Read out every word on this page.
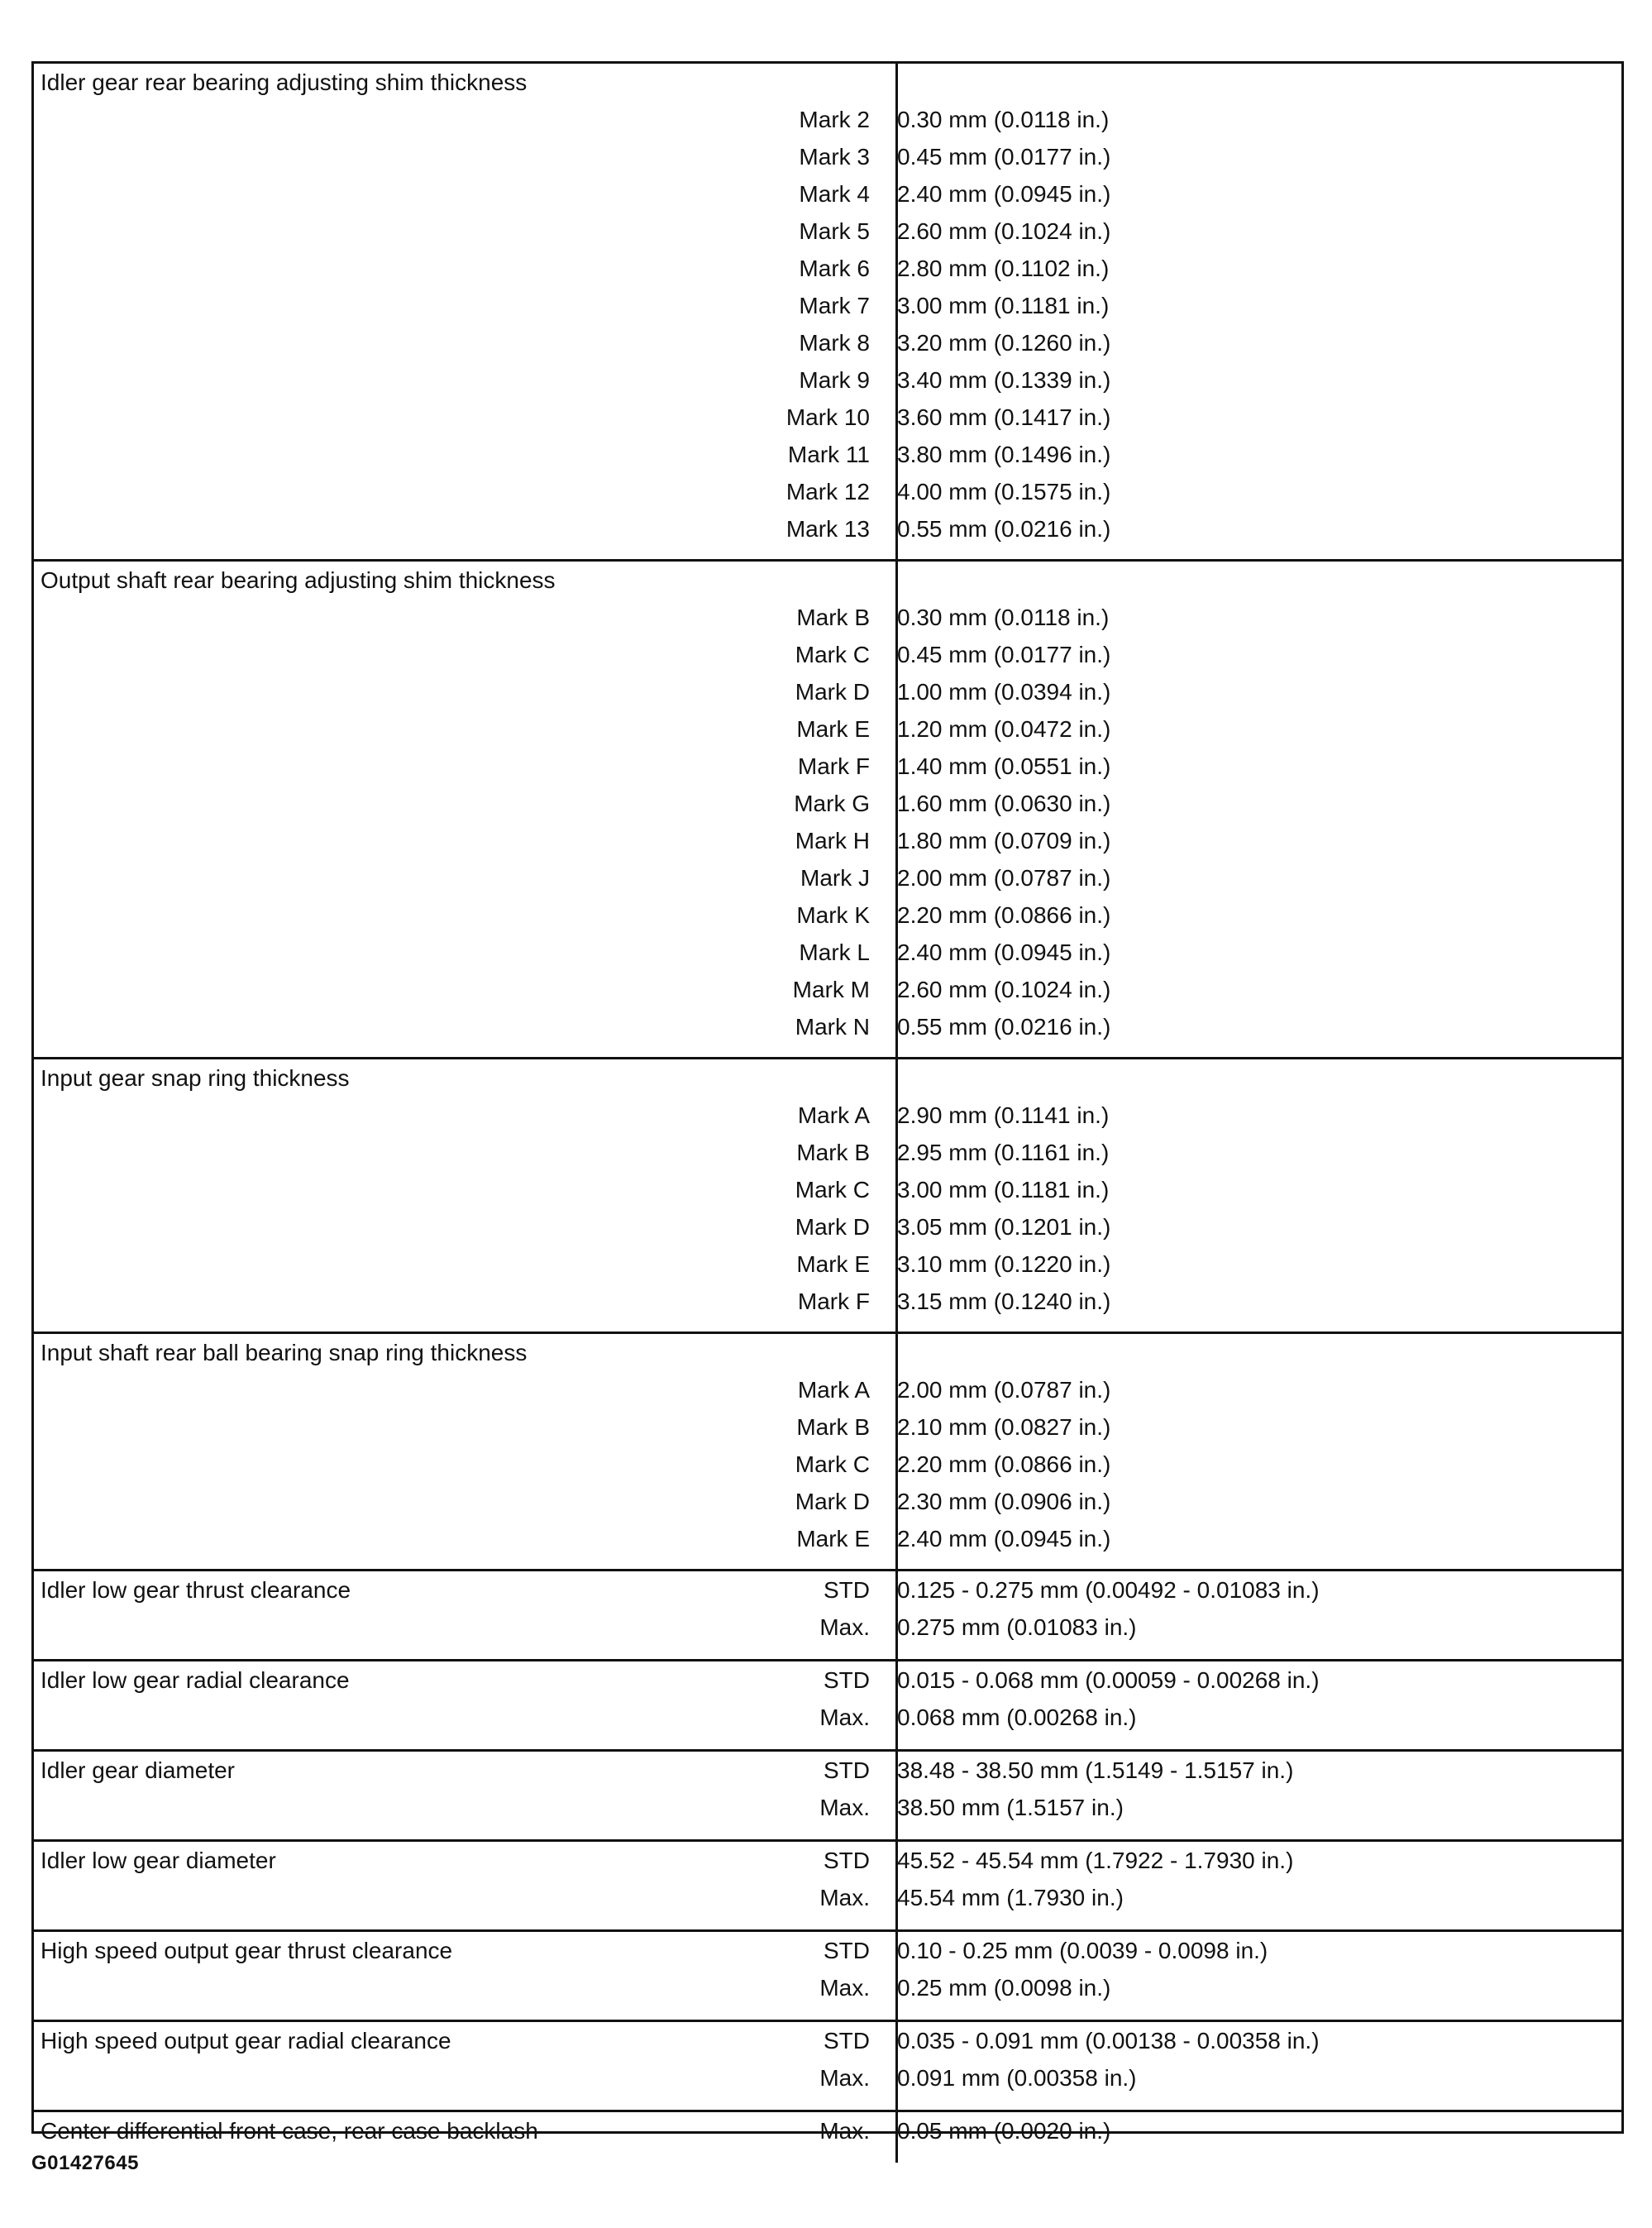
Idler gear rear bearing adjusting shim thickness
Mark 2	0.30 mm (0.0118 in.)
Mark 3	0.45 mm (0.0177 in.)
Mark 4	2.40 mm (0.0945 in.)
Mark 5	2.60 mm (0.1024 in.)
Mark 6	2.80 mm (0.1102 in.)
Mark 7	3.00 mm (0.1181 in.)
Mark 8	3.20 mm (0.1260 in.)
Mark 9	3.40 mm (0.1339 in.)
Mark 10	3.60 mm (0.1417 in.)
Mark 11	3.80 mm (0.1496 in.)
Mark 12	4.00 mm (0.1575 in.)
Mark 13	0.55 mm (0.0216 in.)
Output shaft rear bearing adjusting shim thickness
Mark B	0.30 mm (0.0118 in.)
Mark C	0.45 mm (0.0177 in.)
Mark D	1.00 mm (0.0394 in.)
Mark E	1.20 mm (0.0472 in.)
Mark F	1.40 mm (0.0551 in.)
Mark G	1.60 mm (0.0630 in.)
Mark H	1.80 mm (0.0709 in.)
Mark J	2.00 mm (0.0787 in.)
Mark K	2.20 mm (0.0866 in.)
Mark L	2.40 mm (0.0945 in.)
Mark M	2.60 mm (0.1024 in.)
Mark N	0.55 mm (0.0216 in.)
Input gear snap ring thickness
Mark A	2.90 mm (0.1141 in.)
Mark B	2.95 mm (0.1161 in.)
Mark C	3.00 mm (0.1181 in.)
Mark D	3.05 mm (0.1201 in.)
Mark E	3.10 mm (0.1220 in.)
Mark F	3.15 mm (0.1240 in.)
Input shaft rear ball bearing snap ring thickness
Mark A	2.00 mm (0.0787 in.)
Mark B	2.10 mm (0.0827 in.)
Mark C	2.20 mm (0.0866 in.)
Mark D	2.30 mm (0.0906 in.)
Mark E	2.40 mm (0.0945 in.)
Idler low gear thrust clearance	STD	0.125 - 0.275 mm (0.00492 - 0.01083 in.)
Max.	0.275 mm (0.01083 in.)
Idler low gear radial clearance	STD	0.015 - 0.068 mm (0.00059 - 0.00268 in.)
Max.	0.068 mm (0.00268 in.)
Idler gear diameter	STD	38.48 - 38.50 mm (1.5149 - 1.5157 in.)
Max.	38.50 mm (1.5157 in.)
Idler low gear diameter	STD	45.52 - 45.54 mm (1.7922 - 1.7930 in.)
Max.	45.54 mm (1.7930 in.)
High speed output gear thrust clearance	STD	0.10 - 0.25 mm (0.0039 - 0.0098 in.)
Max.	0.25 mm (0.0098 in.)
High speed output gear radial clearance	STD	0.035 - 0.091 mm (0.00138 - 0.00358 in.)
Max.	0.091 mm (0.00358 in.)
Center differential front case, rear case backlash	Max.	0.05 mm (0.0020 in.)
G01427645
